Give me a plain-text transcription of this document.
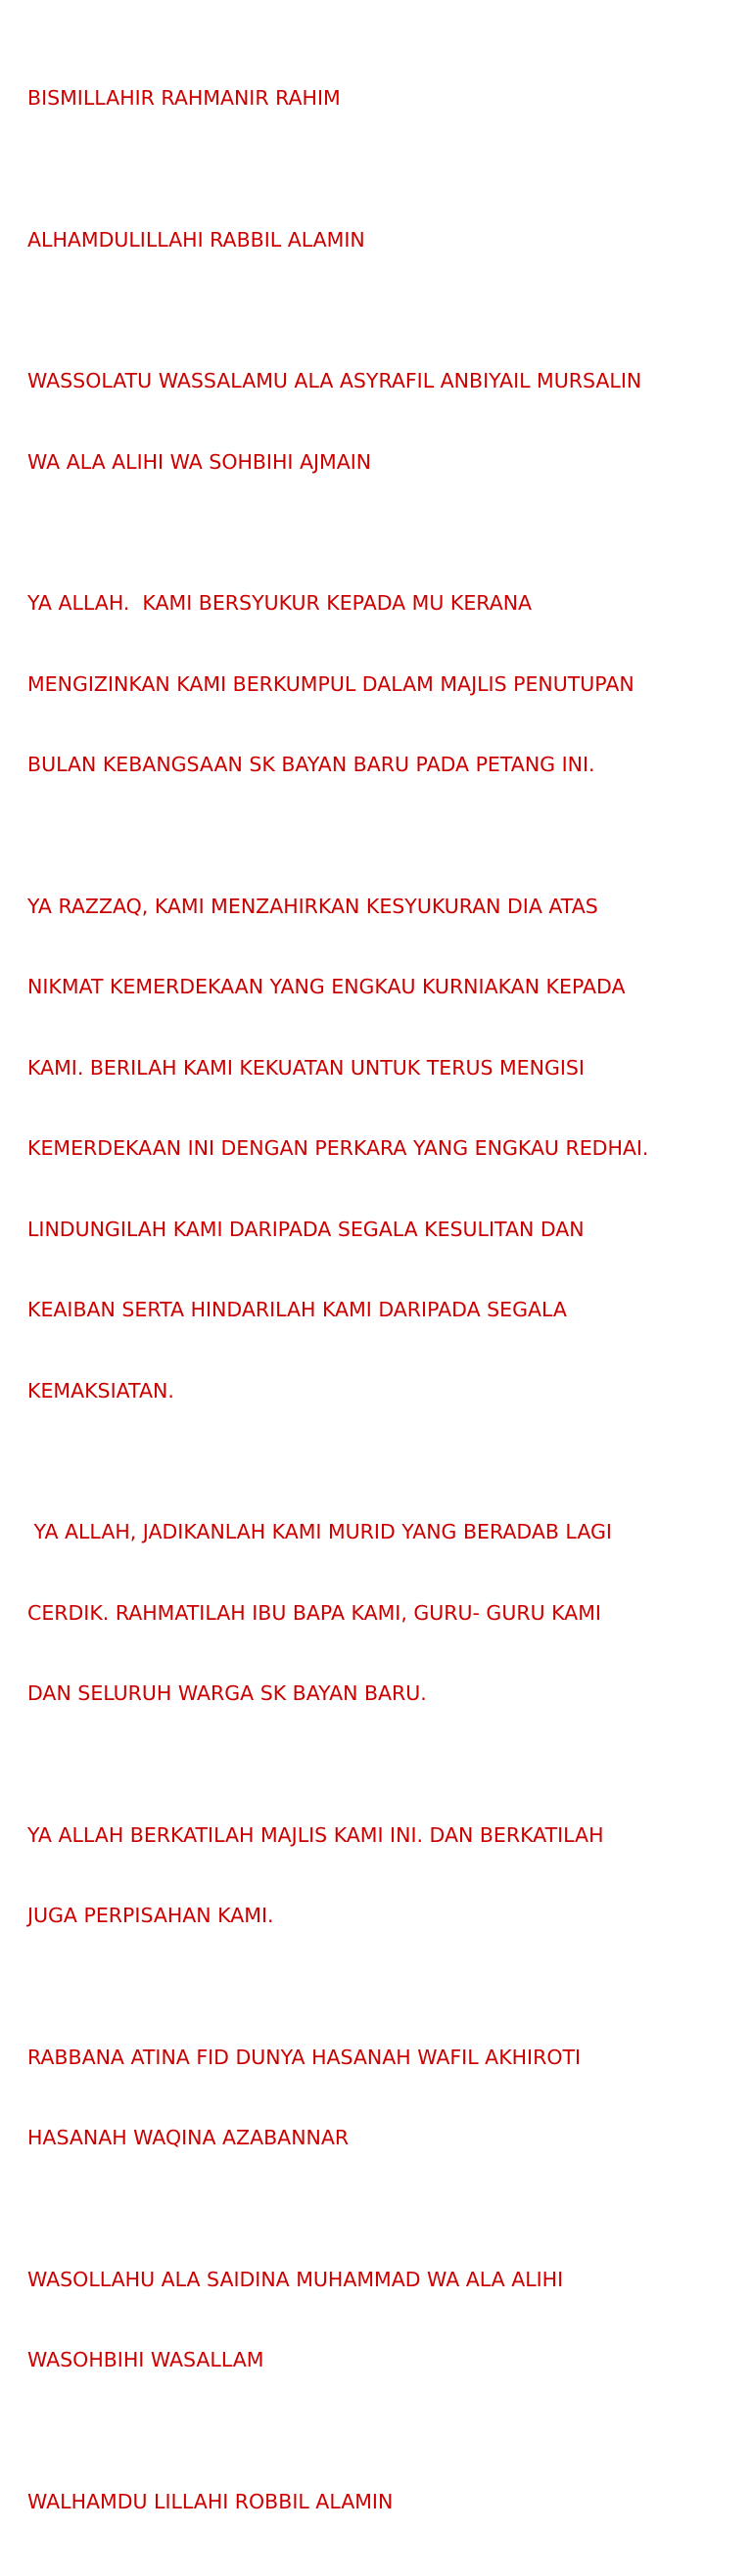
BISMILLAHIR RAHMANIR RAHIM

ALHAMDULILLAHI RABBIL ALAMIN

WASSOLATU WASSALAMU ALA ASYRAFIL ANBIYAIL MURSALIN

WA ALA ALIHI WA SOHBIHI AJMAIN

YA ALLAH.  KAMI BERSYUKUR KEPADA MU KERANA

MENGIZINKAN KAMI BERKUMPUL DALAM MAJLIS PENUTUPAN

BULAN KEBANGSAAN SK BAYAN BARU PADA PETANG INI.

YA RAZZAQ, KAMI MENZAHIRKAN KESYUKURAN DIA ATAS

NIKMAT KEMERDEKAAN YANG ENGKAU KURNIAKAN KEPADA

KAMI. BERILAH KAMI KEKUATAN UNTUK TERUS MENGISI

KEMERDEKAAN INI DENGAN PERKARA YANG ENGKAU REDHAI.

LINDUNGILAH KAMI DARIPADA SEGALA KESULITAN DAN

KEAIBAN SERTA HINDARILAH KAMI DARIPADA SEGALA

KEMAKSIATAN.

YA ALLAH, JADIKANLAH KAMI MURID YANG BERADAB LAGI

CERDIK. RAHMATILAH IBU BAPA KAMI, GURU- GURU KAMI

DAN SELURUH WARGA SK BAYAN BARU.

YA ALLAH BERKATILAH MAJLIS KAMI INI. DAN BERKATILAH

JUGA PERPISAHAN KAMI.

RABBANA ATINA FID DUNYA HASANAH WAFIL AKHIROTI

HASANAH WAQINA AZABANNAR

WASOLLAHU ALA SAIDINA MUHAMMAD WA ALA ALIHI

WASOHBIHI WASALLAM

WALHAMDU LILLAHI ROBBIL ALAMIN
